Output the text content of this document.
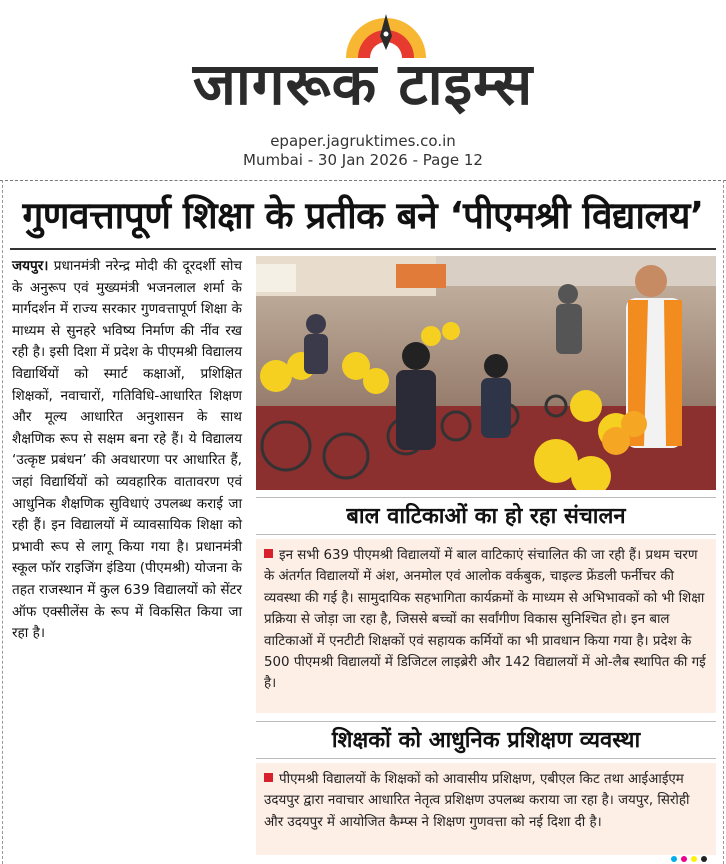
जागरूक टाइम्स
epaper.jagruktimes.co.in
Mumbai - 30 Jan 2026 - Page 12
गुणवत्तापूर्ण शिक्षा के प्रतीक बने ‘पीएमश्री विद्यालय’
जयपुर। प्रधानमंत्री नरेन्द्र मोदी की दूरदर्शी सोच के अनुरूप एवं मुख्यमंत्री भजनलाल शर्मा के मार्गदर्शन में राज्य सरकार गुणवत्तापूर्ण शिक्षा के माध्यम से सुनहरे भविष्य निर्माण की नींव रख रही है। इसी दिशा में प्रदेश के पीएमश्री विद्यालय विद्यार्थियों को स्मार्ट कक्षाओं, प्रशिक्षित शिक्षकों, नवाचारों, गतिविधि-आधारित शिक्षण और मूल्य आधारित अनुशासन के साथ शैक्षणिक रूप से सक्षम बना रहे हैं। ये विद्यालय ‘उत्कृष्ट प्रबंधन’ की अवधारणा पर आधारित हैं, जहां विद्यार्थियों को व्यवहारिक वातावरण एवं आधुनिक शैक्षणिक सुविधाएं उपलब्ध कराई जा रही हैं। इन विद्यालयों में व्यावसायिक शिक्षा को प्रभावी रूप से लागू किया गया है। प्रधानमंत्री स्कूल फॉर राइजिंग इंडिया (पीएमश्री) योजना के तहत राजस्थान में कुल 639 विद्यालयों को सेंटर ऑफ एक्सीलेंस के रूप में विकसित किया जा रहा है।
बाल वाटिकाओं का हो रहा संचालन
इन सभी 639 पीएमश्री विद्यालयों में बाल वाटिकाएं संचालित की जा रही हैं। प्रथम चरण के अंतर्गत विद्यालयों में अंश, अनमोल एवं आलोक वर्कबुक, चाइल्ड फ्रेंडली फर्नीचर की व्यवस्था की गई है। सामुदायिक सहभागिता कार्यक्रमों के माध्यम से अभिभावकों को भी शिक्षा प्रक्रिया से जोड़ा जा रहा है, जिससे बच्चों का सर्वांगीण विकास सुनिश्चित हो। इन बाल वाटिकाओं में एनटीटी शिक्षकों एवं सहायक कर्मियों का भी प्रावधान किया गया है। प्रदेश के 500 पीएमश्री विद्यालयों में डिजिटल लाइब्रेरी और 142 विद्यालयों में ओ-लैब स्थापित की गई है।
शिक्षकों को आधुनिक प्रशिक्षण व्यवस्था
पीएमश्री विद्यालयों के शिक्षकों को आवासीय प्रशिक्षण, एबीएल किट तथा आईआईएम उदयपुर द्वारा नवाचार आधारित नेतृत्व प्रशिक्षण उपलब्ध कराया जा रहा है। जयपुर, सिरोही और उदयपुर में आयोजित कैम्प्स ने शिक्षण गुणवत्ता को नई दिशा दी है।
